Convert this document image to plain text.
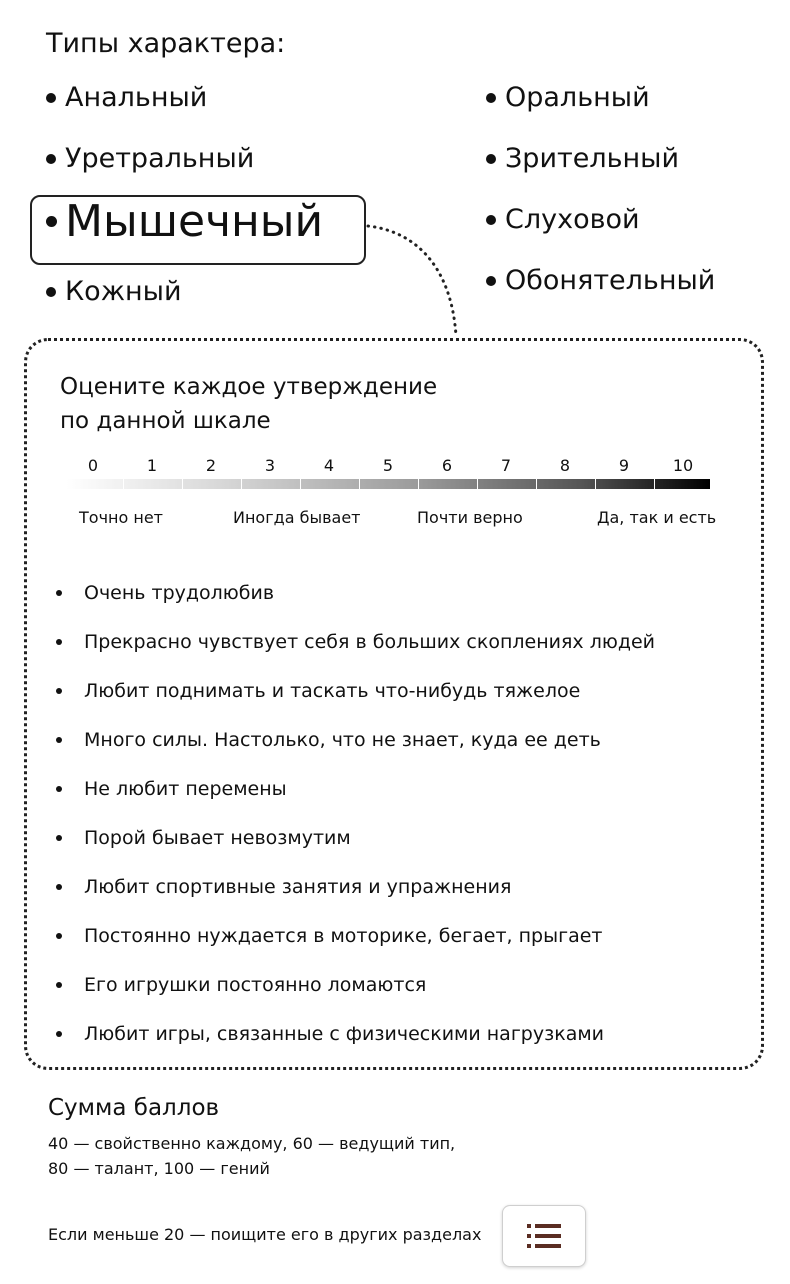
Типы характера:
Анальный
Уретральный
Мышечный
Кожный
Оральный
Зрительный
Слуховой
Обонятельный
Оцените каждое утверждение
по данной шкале
0	1	2	3	4	5	6	7	8	9	10
Точно нет	Иногда бывает	Почти верно	Да, так и есть
Очень трудолюбив
Прекрасно чувствует себя в больших скоплениях людей
Любит поднимать и таскать что-нибудь тяжелое
Много силы. Настолько, что не знает, куда ее деть
Не любит перемены
Порой бывает невозмутим
Любит спортивные занятия и упражнения
Постоянно нуждается в моторике, бегает, прыгает
Его игрушки постоянно ломаются
Любит игры, связанные с физическими нагрузками
Сумма баллов
40 — свойственно каждому, 60 — ведущий тип,
80 — талант, 100 — гений
Если меньше 20 — поищите его в других разделах
